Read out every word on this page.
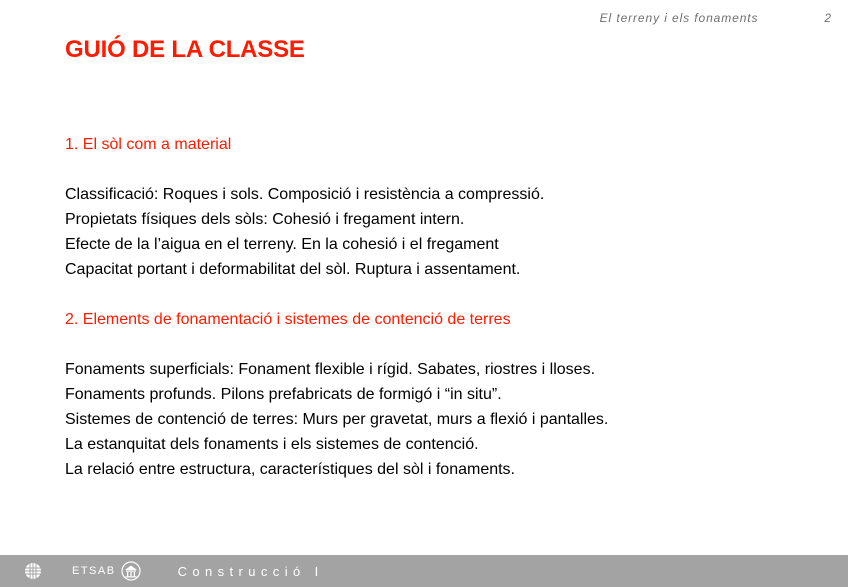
El terreny i els fonaments	2
GUIÓ DE LA CLASSE

1. El sòl com a material

Classificació: Roques i sols. Composició i resistència a compressió.
Propietats físiques dels sòls: Cohesió i fregament intern.
Efecte de la l’aigua en el terreny. En la cohesió i el fregament
Capacitat portant i deformabilitat del sòl. Ruptura i assentament.

2. Elements de fonamentació i sistemes de contenció de terres

Fonaments superficials: Fonament flexible i rígid. Sabates, riostres i lloses.
Fonaments profunds. Pilons prefabricats de formigó i “in situ”.
Sistemes de contenció de terres: Murs per gravetat, murs a flexió i pantalles.
La estanquitat dels fonaments i els sistemes de contenció.
La relació entre estructura, característiques del sòl i fonaments.
ETSAB	Construcció I
